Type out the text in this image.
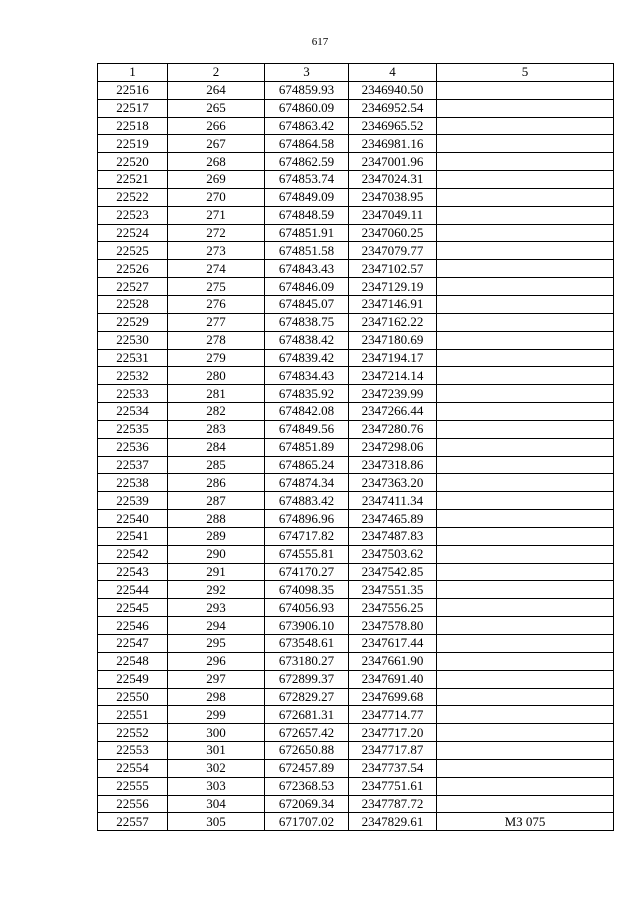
617
1	2	3	4	5
22516	264	674859.93	2346940.50	
22517	265	674860.09	2346952.54	
22518	266	674863.42	2346965.52	
22519	267	674864.58	2346981.16	
22520	268	674862.59	2347001.96	
22521	269	674853.74	2347024.31	
22522	270	674849.09	2347038.95	
22523	271	674848.59	2347049.11	
22524	272	674851.91	2347060.25	
22525	273	674851.58	2347079.77	
22526	274	674843.43	2347102.57	
22527	275	674846.09	2347129.19	
22528	276	674845.07	2347146.91	
22529	277	674838.75	2347162.22	
22530	278	674838.42	2347180.69	
22531	279	674839.42	2347194.17	
22532	280	674834.43	2347214.14	
22533	281	674835.92	2347239.99	
22534	282	674842.08	2347266.44	
22535	283	674849.56	2347280.76	
22536	284	674851.89	2347298.06	
22537	285	674865.24	2347318.86	
22538	286	674874.34	2347363.20	
22539	287	674883.42	2347411.34	
22540	288	674896.96	2347465.89	
22541	289	674717.82	2347487.83	
22542	290	674555.81	2347503.62	
22543	291	674170.27	2347542.85	
22544	292	674098.35	2347551.35	
22545	293	674056.93	2347556.25	
22546	294	673906.10	2347578.80	
22547	295	673548.61	2347617.44	
22548	296	673180.27	2347661.90	
22549	297	672899.37	2347691.40	
22550	298	672829.27	2347699.68	
22551	299	672681.31	2347714.77	
22552	300	672657.42	2347717.20	
22553	301	672650.88	2347717.87	
22554	302	672457.89	2347737.54	
22555	303	672368.53	2347751.61	
22556	304	672069.34	2347787.72	
22557	305	671707.02	2347829.61	МЗ 075
